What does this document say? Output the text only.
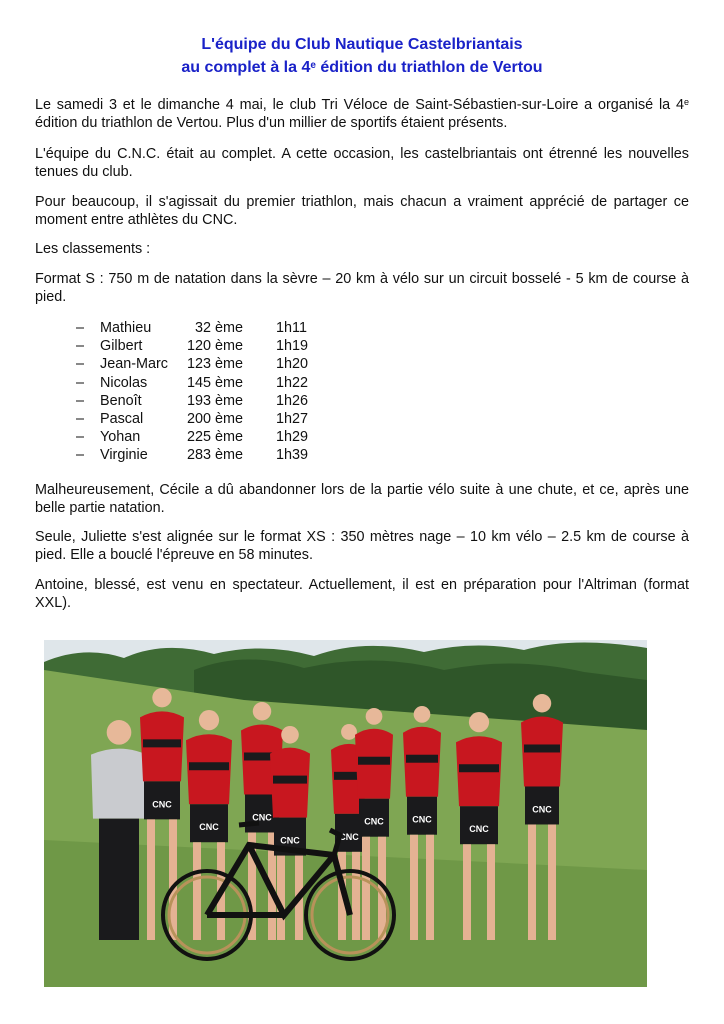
L'équipe du Club Nautique Castelbriantais
au complet à la 4e édition du triathlon de Vertou

Le samedi 3 et le dimanche 4 mai, le club Tri Véloce de Saint-Sébastien-sur-Loire a organisé la 4e édition du triathlon de Vertou. Plus d'un millier de sportifs étaient présents.

L'équipe du C.N.C. était au complet. A cette occasion, les castelbriantais ont étrenné les nouvelles tenues du club.

Pour beaucoup, il s'agissait du premier triathlon, mais chacun a vraiment apprécié de partager ce moment entre athlètes du CNC.

Les classements :

Format S : 750 m de natation dans la sèvre – 20 km à vélo sur un circuit bosselé - 5 km de course à pied.

– Mathieu	32 ème 1h11
– Gilbert	120 ème 1h19
– Jean-Marc 123 ème 1h20
– Nicolas	145 ème 1h22
– Benoît	193 ème 1h26
– Pascal	200 ème 1h27
– Yohan	225 ème 1h29
– Virginie	283 ème 1h39

Malheureusement, Cécile a dû abandonner lors de la partie vélo suite à une chute, et ce, après une belle partie natation.

Seule, Juliette s'est alignée sur le format XS : 350 mètres nage – 10 km vélo – 2.5 km de course à pied. Elle a bouclé l'épreuve en 58 minutes.

Antoine, blessé, est venu en spectateur. Actuellement, il est en préparation pour l'Altriman (format XXL).

CNC
CNC
CNC
CNC	CNC
CNC	CNC
CNC
CNC
